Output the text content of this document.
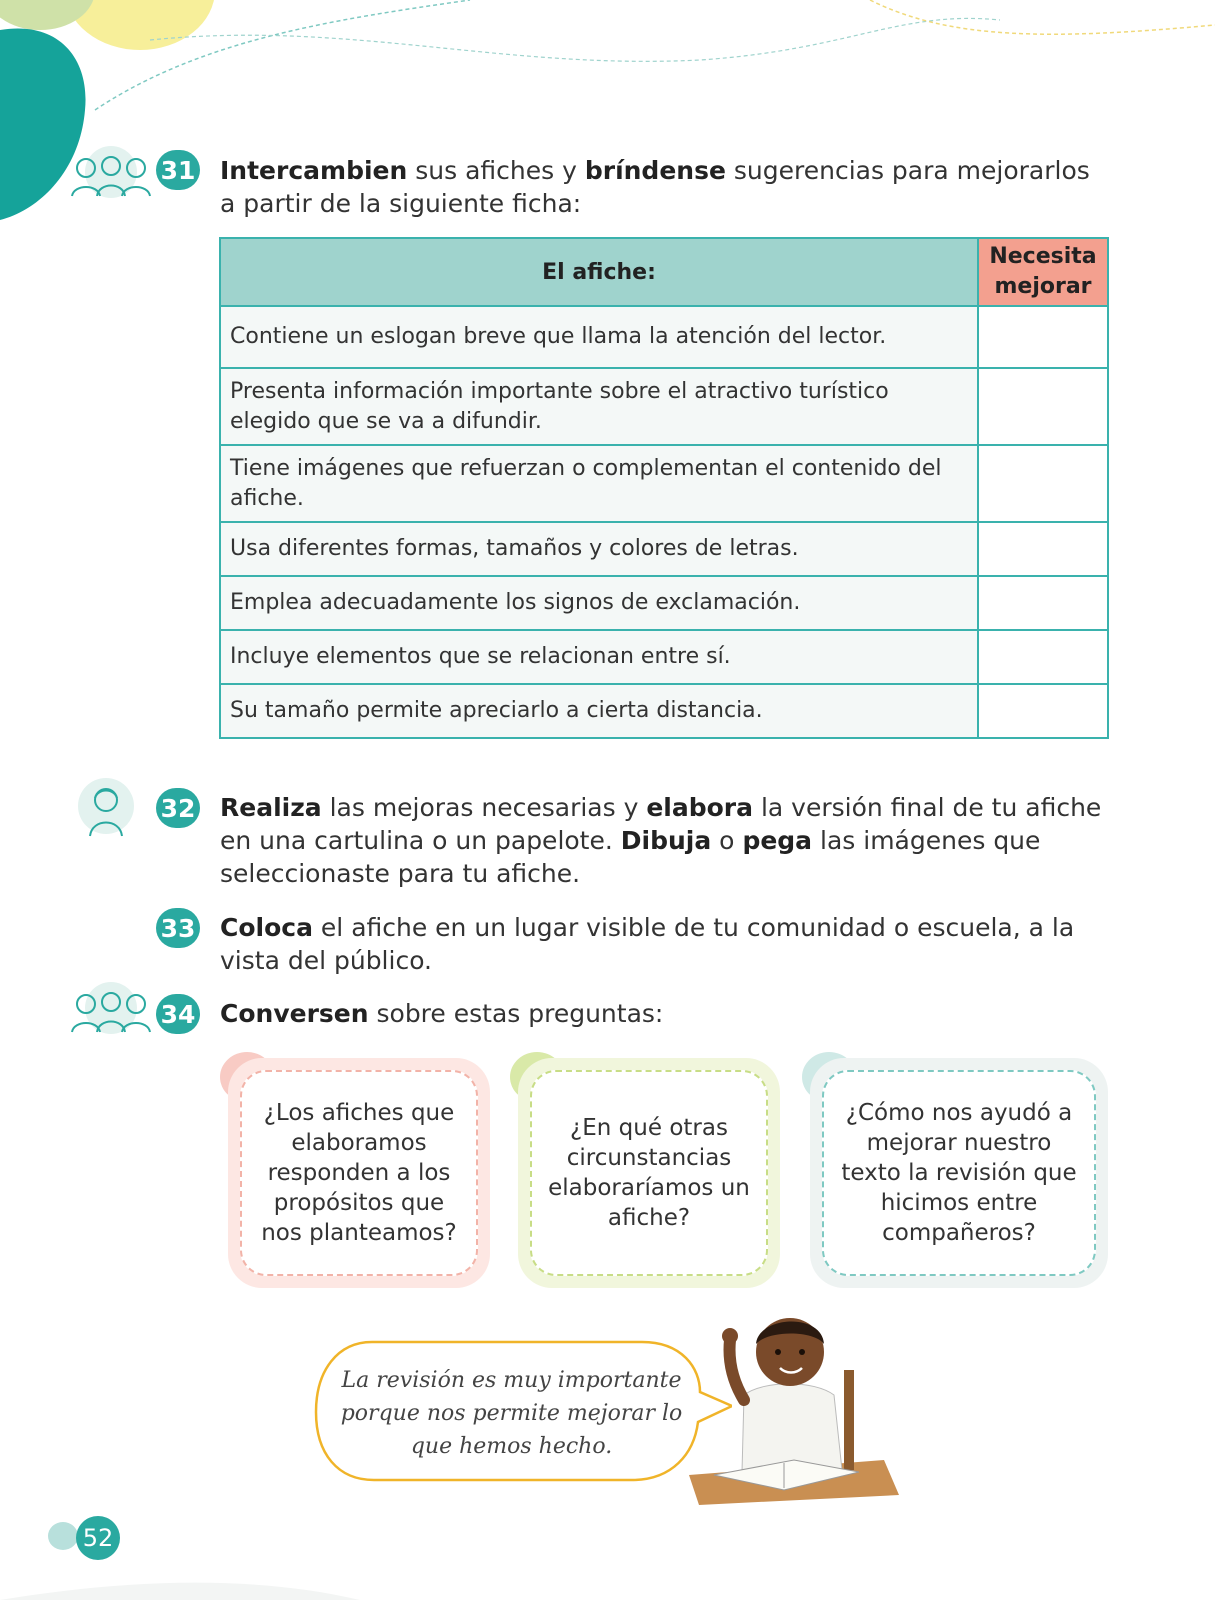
31 Intercambien sus afiches y bríndense sugerencias para mejorarlos a partir de la siguiente ficha:
El afiche:	Necesita mejorar
Contiene un eslogan breve que llama la atención del lector.	
Presenta información importante sobre el atractivo turístico elegido que se va a difundir.	
Tiene imágenes que refuerzan o complementan el contenido del afiche.	
Usa diferentes formas, tamaños y colores de letras.	
Emplea adecuadamente los signos de exclamación.	
Incluye elementos que se relacionan entre sí.	
Su tamaño permite apreciarlo a cierta distancia.	
32 Realiza las mejoras necesarias y elabora la versión final de tu afiche en una cartulina o un papelote. Dibuja o pega las imágenes que seleccionaste para tu afiche.
33 Coloca el afiche en un lugar visible de tu comunidad o escuela, a la vista del público.
34 Conversen sobre estas preguntas:
¿Los afiches que elaboramos responden a los propósitos que nos planteamos?
¿En qué otras circunstancias elaboraríamos un afiche?
¿Cómo nos ayudó a mejorar nuestro texto la revisión que hicimos entre compañeros?
La revisión es muy importante porque nos permite mejorar lo que hemos hecho.
52
